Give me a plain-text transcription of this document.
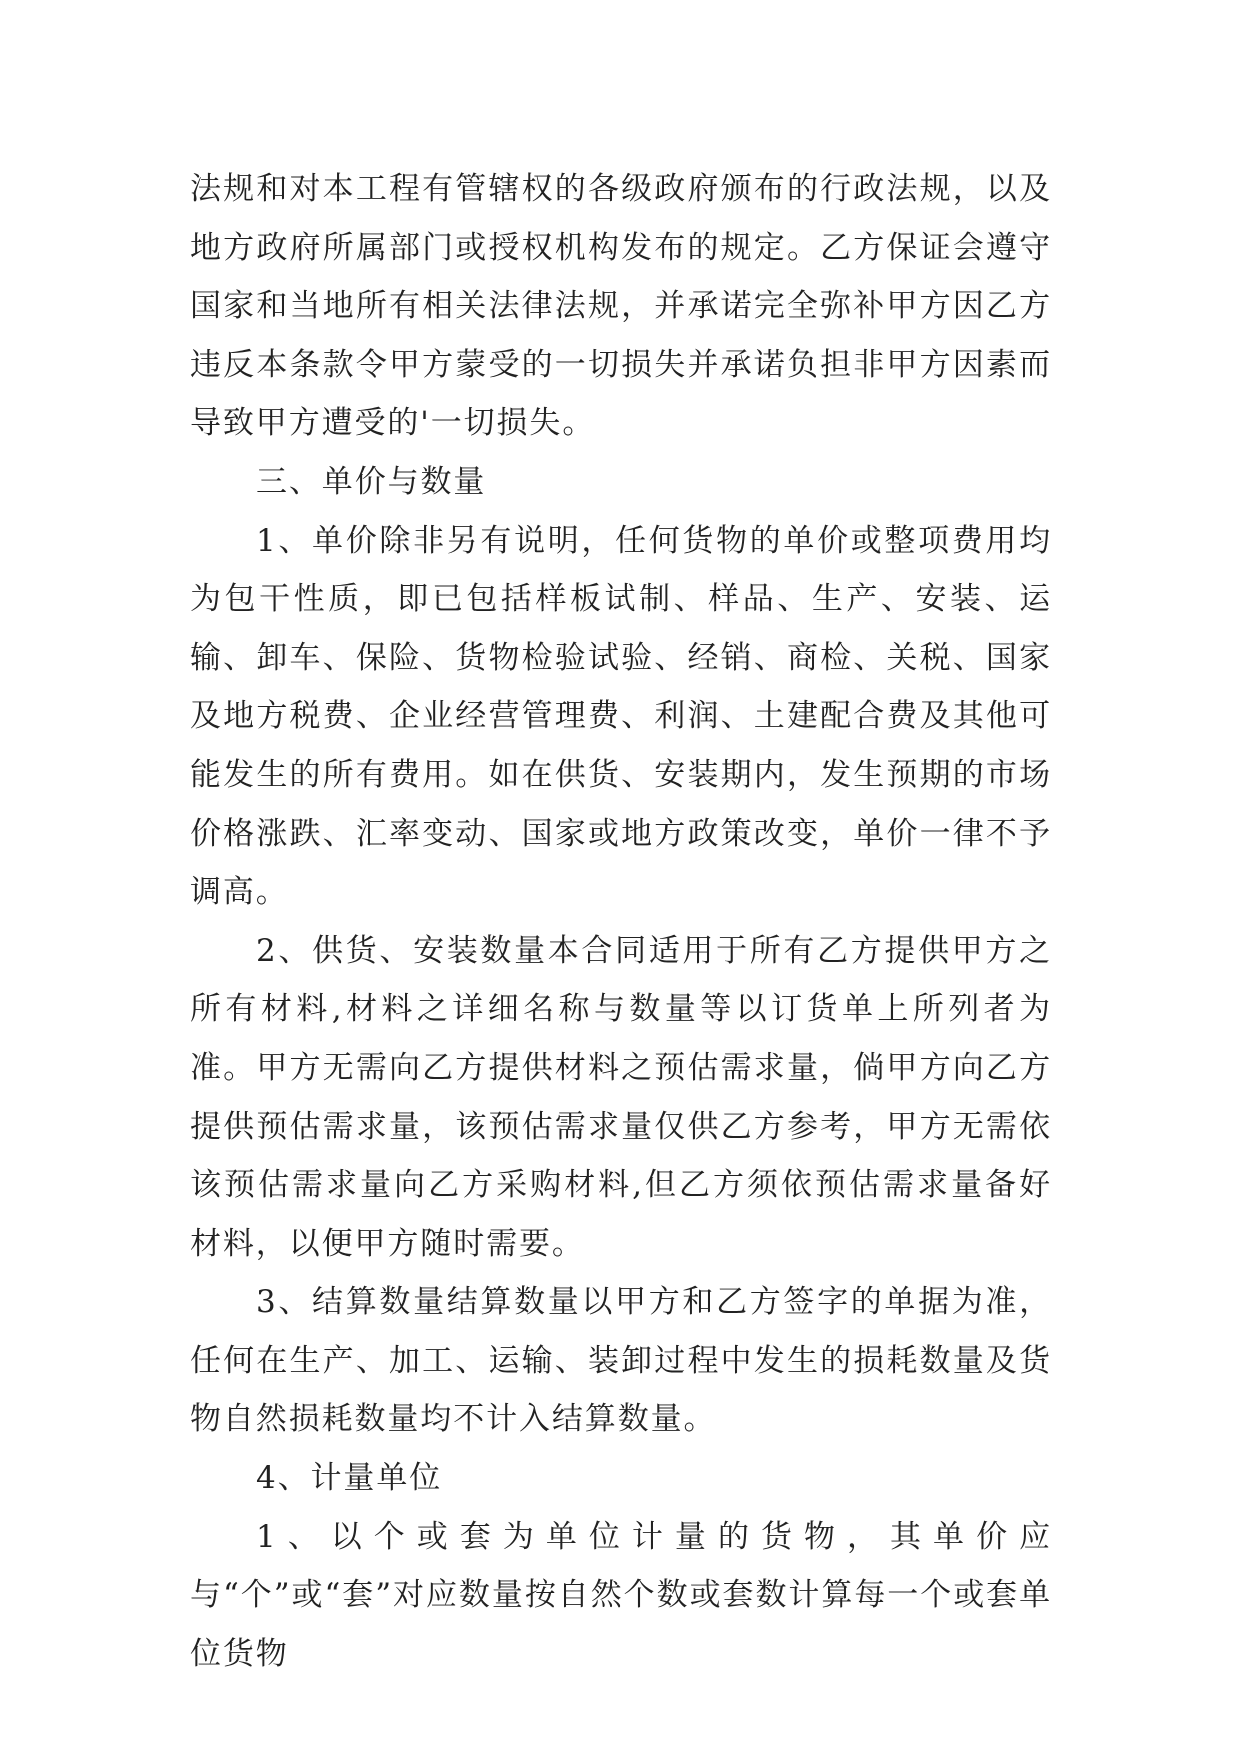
法规和对本工程有管辖权的各级政府颁布的行政法规，以及地方政府所属部门或授权机构发布的规定。乙方保证会遵守国家和当地所有相关法律法规，并承诺完全弥补甲方因乙方违反本条款令甲方蒙受的一切损失并承诺负担非甲方因素而导致甲方遭受的'一切损失。

三、单价与数量

1、单价除非另有说明，任何货物的单价或整项费用均为包干性质，即已包括样板试制、样品、生产、安装、运输、卸车、保险、货物检验试验、经销、商检、关税、国家及地方税费、企业经营管理费、利润、土建配合费及其他可能发生的所有费用。如在供货、安装期内，发生预期的市场价格涨跌、汇率变动、国家或地方政策改变，单价一律不予调高。

2、供货、安装数量本合同适用于所有乙方提供甲方之所有材料,材料之详细名称与数量等以订货单上所列者为准。甲方无需向乙方提供材料之预估需求量，倘甲方向乙方提供预估需求量，该预估需求量仅供乙方参考，甲方无需依该预估需求量向乙方采购材料,但乙方须依预估需求量备好材料，以便甲方随时需要。

3、结算数量结算数量以甲方和乙方签字的单据为准，任何在生产、加工、运输、装卸过程中发生的损耗数量及货物自然损耗数量均不计入结算数量。

4、计量单位

1、以个或套为单位计量的货物，其单价应与“个”或“套”对应数量按自然个数或套数计算每一个或套单位货物
